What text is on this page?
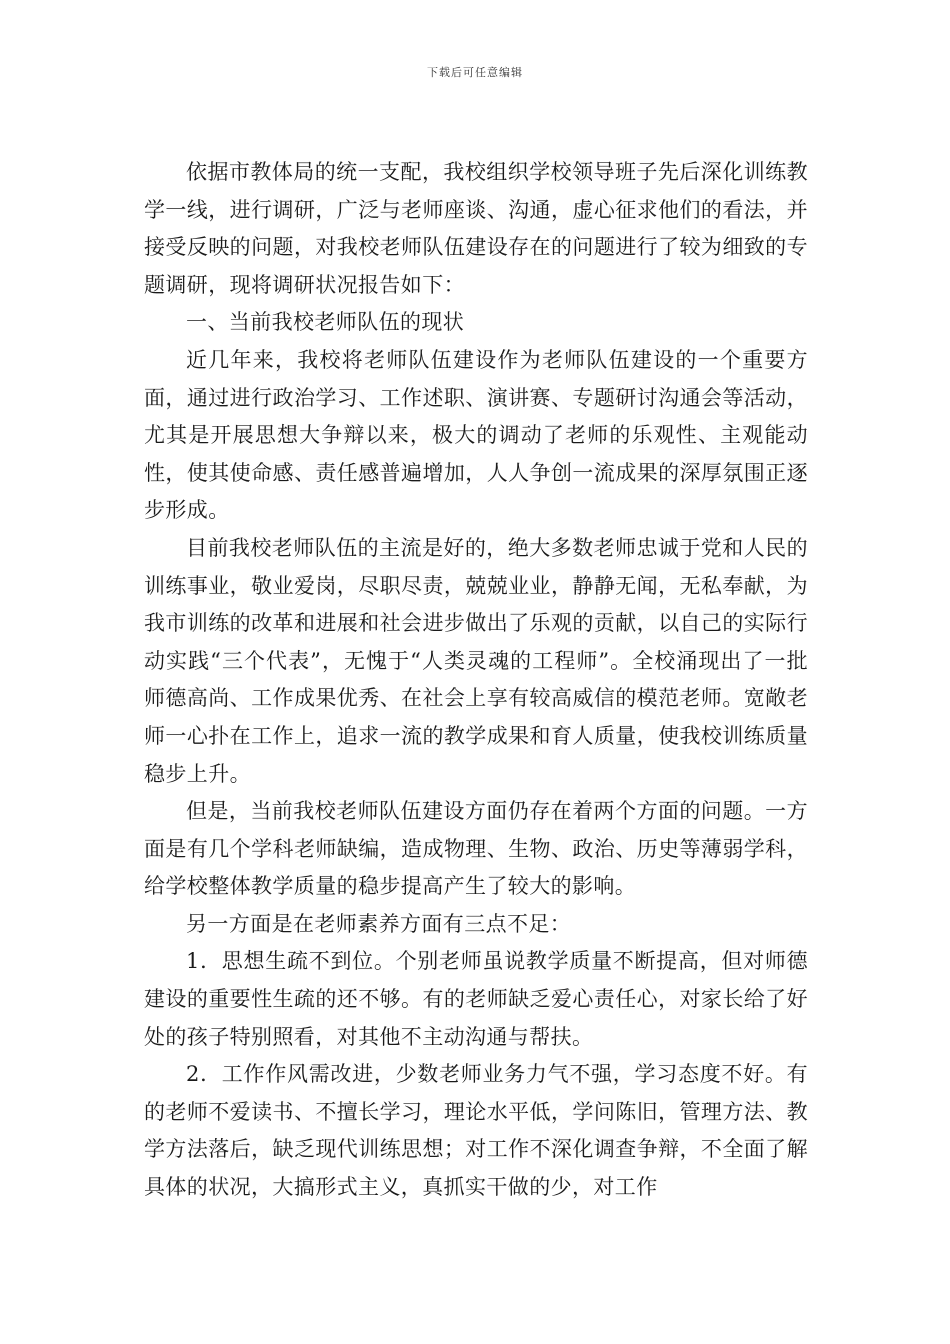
下载后可任意编辑

依据市教体局的统一支配，我校组织学校领导班子先后深化训练教学一线，进行调研，广泛与老师座谈、沟通，虚心征求他们的看法，并接受反映的问题，对我校老师队伍建设存在的问题进行了较为细致的专题调研，现将调研状况报告如下：

一、当前我校老师队伍的现状

近几年来，我校将老师队伍建设作为老师队伍建设的一个重要方面，通过进行政治学习、工作述职、演讲赛、专题研讨沟通会等活动，尤其是开展思想大争辩以来，极大的调动了老师的乐观性、主观能动性，使其使命感、责任感普遍增加，人人争创一流成果的深厚氛围正逐步形成。

目前我校老师队伍的主流是好的，绝大多数老师忠诚于党和人民的训练事业，敬业爱岗，尽职尽责，兢兢业业，静静无闻，无私奉献，为我市训练的改革和进展和社会进步做出了乐观的贡献，以自己的实际行动实践“三个代表”，无愧于“人类灵魂的工程师”。全校涌现出了一批师德高尚、工作成果优秀、在社会上享有较高威信的模范老师。宽敞老师一心扑在工作上，追求一流的教学成果和育人质量，使我校训练质量稳步上升。

但是，当前我校老师队伍建设方面仍存在着两个方面的问题。一方面是有几个学科老师缺编，造成物理、生物、政治、历史等薄弱学科，给学校整体教学质量的稳步提高产生了较大的影响。

另一方面是在老师素养方面有三点不足：

1．思想生疏不到位。个别老师虽说教学质量不断提高，但对师德建设的重要性生疏的还不够。有的老师缺乏爱心责任心，对家长给了好处的孩子特别照看，对其他不主动沟通与帮扶。

2．工作作风需改进，少数老师业务力气不强，学习态度不好。有的老师不爱读书、不擅长学习，理论水平低，学问陈旧，管理方法、教学方法落后，缺乏现代训练思想；对工作不深化调查争辩，不全面了解具体的状况，大搞形式主义，真抓实干做的少，对工作
